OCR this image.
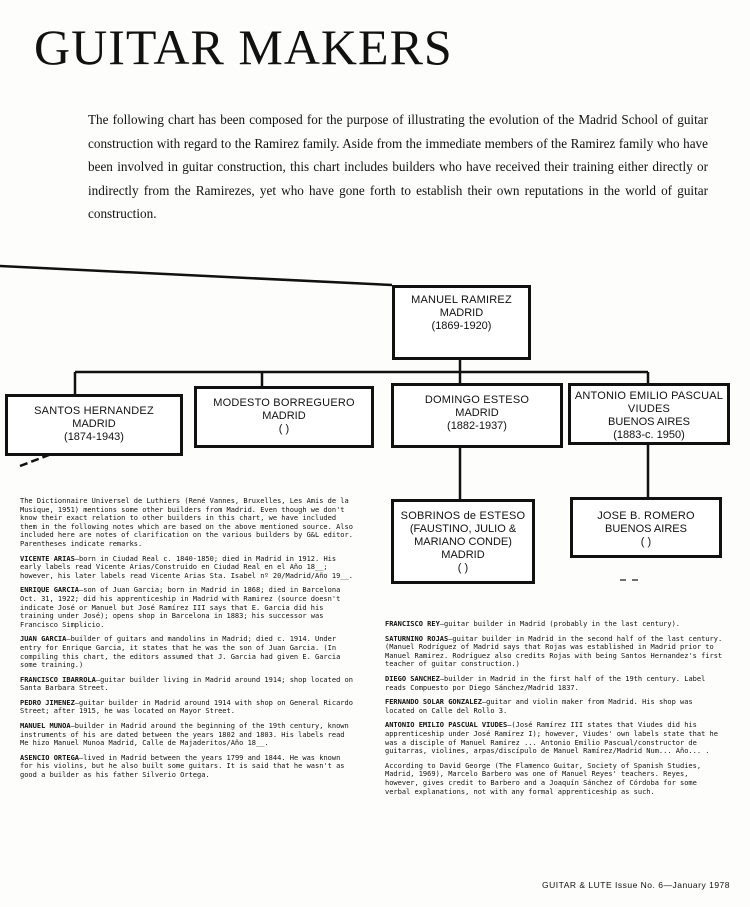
GUITAR MAKERS

The following chart has been composed for the purpose of illustrating the evolution of the Madrid School of guitar construction with regard to the Ramirez family. Aside from the immediate members of the Ramirez family who have been involved in guitar construction, this chart includes builders who have received their training either directly or indirectly from the Ramirezes, yet who have gone forth to establish their own reputations in the world of guitar construction.

MANUEL RAMIREZ
MADRID
(1869-1920)
SANTOS HERNANDEZ
MADRID
(1874-1943)
MODESTO BORREGUERO
MADRID
( )
DOMINGO ESTESO
MADRID
(1882-1937)
ANTONIO EMILIO PASCUAL
VIUDES
BUENOS AIRES
(1883-c. 1950)
SOBRINOS de ESTESO
(FAUSTINO, JULIO &
MARIANO CONDE)
MADRID
( )
JOSE B. ROMERO
BUENOS AIRES
( )

The Dictionnaire Universel de Luthiers (René Vannes, Bruxelles, Les Amis de la Musique, 1951) mentions some other builders from Madrid. Even though we don't know their exact relation to other builders in this chart, we have included them in the following notes which are based on the above mentioned source. Also included here are notes of clarification on the various builders by G&L editor. Parentheses indicate remarks.

VICENTE ARIAS—born in Ciudad Real c. 1840-1850; died in Madrid in 1912. His early labels read Vicente Arias/Construido en Ciudad Real en el Año 18__; however, his later labels read Vicente Arias Sta. Isabel nº 20/Madrid/Año 19__.

ENRIQUE GARCIA—son of Juan Garcia; born in Madrid in 1868; died in Barcelona Oct. 31, 1922; did his apprenticeship in Madrid with Ramirez (source doesn't indicate José or Manuel but José Ramírez III says that E. Garcia did his training under José); opens shop in Barcelona in 1883; his successor was Francisco Simplicio.

JUAN GARCIA—builder of guitars and mandolins in Madrid; died c. 1914. Under entry for Enrique Garcia, it states that he was the son of Juan Garcia. (In compiling this chart, the editors assumed that J. Garcia had given E. Garcia some training.)

FRANCISCO IBARROLA—guitar builder living in Madrid around 1914; shop located on Santa Barbara Street.

PEDRO JIMENEZ—guitar builder in Madrid around 1914 with shop on General Ricardo Street; after 1915, he was located on Mayor Street.

MANUEL MUNOA—builder in Madrid around the beginning of the 19th century, known instruments of his are dated between the years 1802 and 1803. His labels read Me hizo Manuel Munoa Madrid, Calle de Majaderitos/Año 18__.

ASENCIO ORTEGA—lived in Madrid between the years 1799 and 1844. He was known for his violins, but he also built some guitars. It is said that he wasn't as good a builder as his father Silverio Ortega.

FRANCISCO REY—guitar builder in Madrid (probably in the last century).

SATURNINO ROJAS—guitar builder in Madrid in the second half of the last century. (Manuel Rodríguez of Madrid says that Rojas was established in Madrid prior to Manuel Ramirez. Rodríguez also credits Rojas with being Santos Hernandez's first teacher of guitar construction.)

DIEGO SANCHEZ—builder in Madrid in the first half of the 19th century. Label reads Compuesto por Diego Sánchez/Madrid 1837.

FERNANDO SOLAR GONZALEZ—guitar and violin maker from Madrid. His shop was located on Calle del Rollo 3.

ANTONIO EMILIO PASCUAL VIUDES—(José Ramírez III states that Viudes did his apprenticeship under José Ramírez I); however, Viudes' own labels state that he was a disciple of Manuel Ramírez ... Antonio Emilio Pascual/constructor de guitarras, violines, arpas/discípulo de Manuel Ramírez/Madrid Num... Año... .

According to David George (The Flamenco Guitar, Society of Spanish Studies, Madrid, 1969), Marcelo Barbero was one of Manuel Reyes' teachers. Reyes, however, gives credit to Barbero and a Joaquín Sánchez of Córdoba for some verbal explanations, not with any formal apprenticeship as such.

GUITAR & LUTE Issue No. 6—January 1978
